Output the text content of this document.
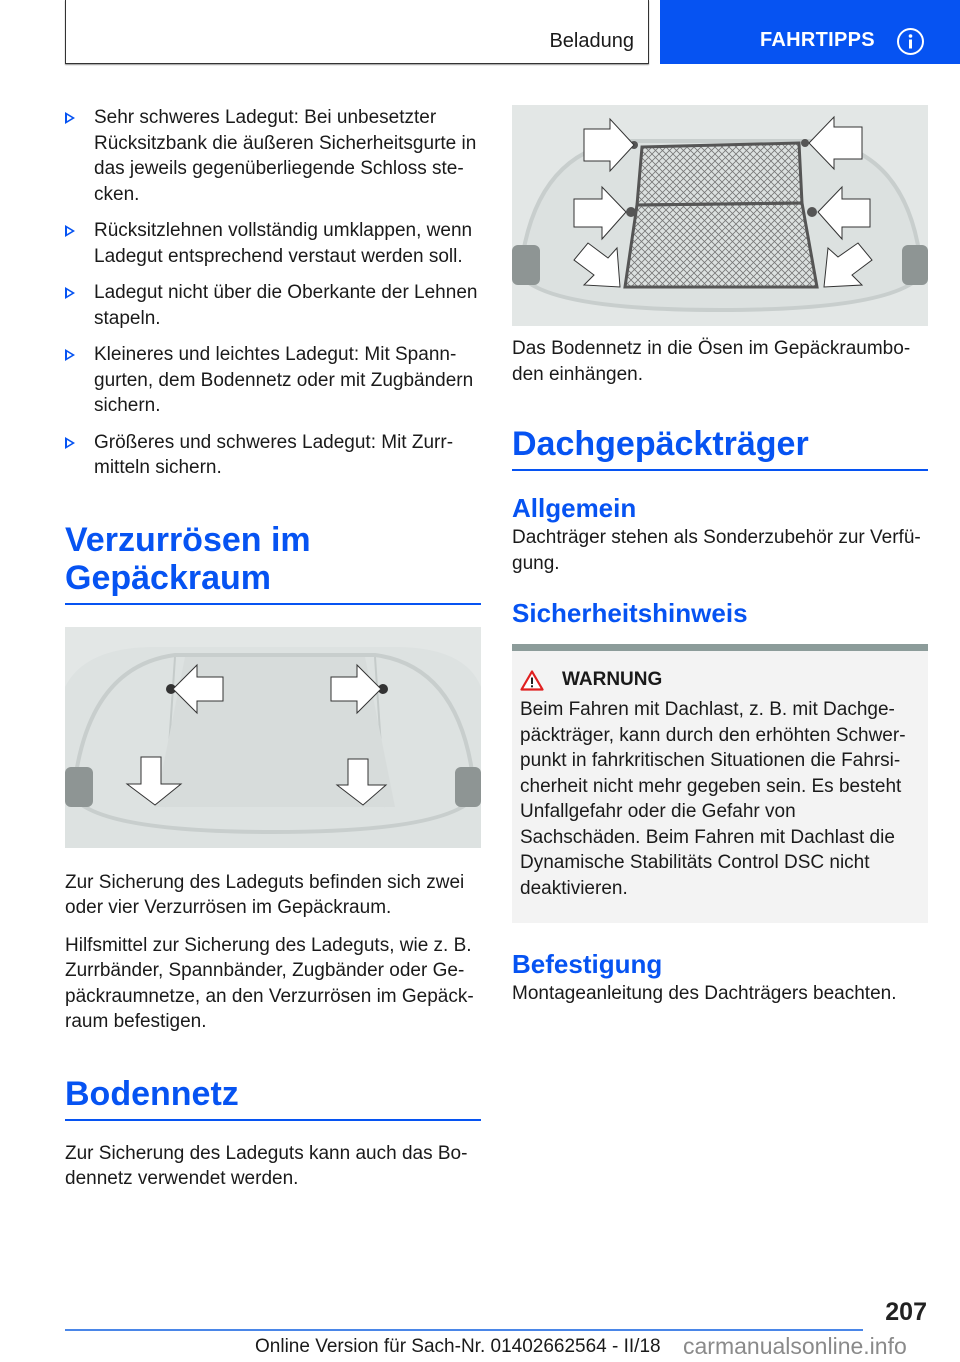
Beladung	FAHRTIPPS
Sehr schweres Ladegut: Bei unbesetzter Rücksitzbank die äußeren Sicherheitsgurte in das jeweils gegenüberliegende Schloss stecken.
Rücksitzlehnen vollständig umklappen, wenn Ladegut entsprechend verstaut werden soll.
Ladegut nicht über die Oberkante der Lehnen stapeln.
Kleineres und leichtes Ladegut: Mit Spanngurten, dem Bodennetz oder mit Zugbändern sichern.
Größeres und schweres Ladegut: Mit Zurrmitteln sichern.
Verzurrösen im Gepäckraum
Zur Sicherung des Ladeguts befinden sich zwei oder vier Verzurrösen im Gepäckraum.
Hilfsmittel zur Sicherung des Ladeguts, wie z. B. Zurrbänder, Spannbänder, Zugbänder oder Gepäckraumnetze, an den Verzurrösen im Gepäckraum befestigen.
Bodennetz
Zur Sicherung des Ladeguts kann auch das Bodennetz verwendet werden.
Das Bodennetz in die Ösen im Gepäckraumboden einhängen.
Dachgepäckträger
Allgemein
Dachträger stehen als Sonderzubehör zur Verfügung.
Sicherheitshinweis
WARNUNG
Beim Fahren mit Dachlast, z. B. mit Dachgepäckträger, kann durch den erhöhten Schwerpunkt in fahrkritischen Situationen die Fahrsicherheit nicht mehr gegeben sein. Es besteht Unfallgefahr oder die Gefahr von Sachschäden. Beim Fahren mit Dachlast die Dynamische Stabilitäts Control DSC nicht deaktivieren.
Befestigung
Montageanleitung des Dachträgers beachten.
207
Online Version für Sach-Nr. 01402662564 - II/18 carmanualsonline.info
